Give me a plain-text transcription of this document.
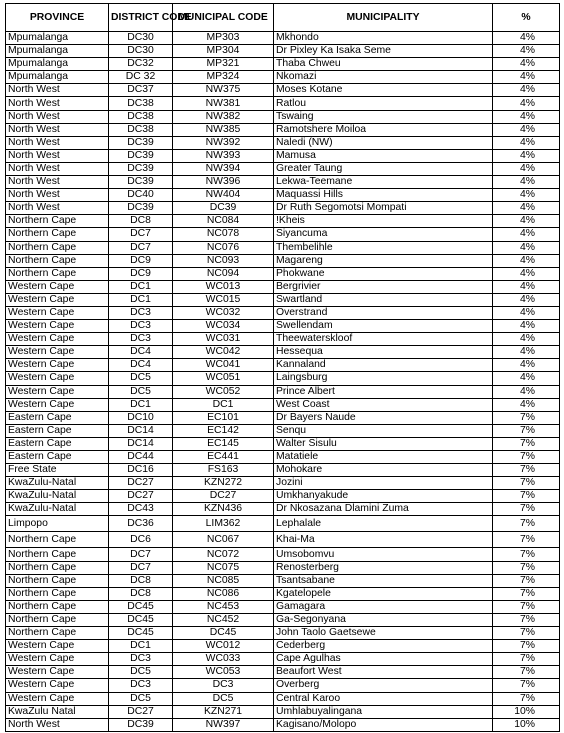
PROVINCE	DISTRICT CODE	MUNICIPAL CODE	MUNICIPALITY	%
Mpumalanga	DC30	MP303	Mkhondo	4%
Mpumalanga	DC30	MP304	Dr Pixley Ka Isaka Seme	4%
Mpumalanga	DC32	MP321	Thaba Chweu	4%
Mpumalanga	DC 32	MP324	Nkomazi	4%
North West	DC37	NW375	Moses Kotane	4%
North West	DC38	NW381	Ratlou	4%
North West	DC38	NW382	Tswaing	4%
North West	DC38	NW385	Ramotshere Moiloa	4%
North West	DC39	NW392	Naledi (NW)	4%
North West	DC39	NW393	Mamusa	4%
North West	DC39	NW394	Greater Taung	4%
North West	DC39	NW396	Lekwa-Teemane	4%
North West	DC40	NW404	Maquassi Hills	4%
North West	DC39	DC39	Dr Ruth Segomotsi Mompati	4%
Northern Cape	DC8	NC084	!Kheis	4%
Northern Cape	DC7	NC078	Siyancuma	4%
Northern Cape	DC7	NC076	Thembelihle	4%
Northern Cape	DC9	NC093	Magareng	4%
Northern Cape	DC9	NC094	Phokwane	4%
Western Cape	DC1	WC013	Bergrivier	4%
Western Cape	DC1	WC015	Swartland	4%
Western Cape	DC3	WC032	Overstrand	4%
Western Cape	DC3	WC034	Swellendam	4%
Western Cape	DC3	WC031	Theewaterskloof	4%
Western Cape	DC4	WC042	Hessequa	4%
Western Cape	DC4	WC041	Kannaland	4%
Western Cape	DC5	WC051	Laingsburg	4%
Western Cape	DC5	WC052	Prince Albert	4%
Western Cape	DC1	DC1	West Coast	4%
Eastern Cape	DC10	EC101	Dr Bayers Naude	7%
Eastern Cape	DC14	EC142	Senqu	7%
Eastern Cape	DC14	EC145	Walter Sisulu	7%
Eastern Cape	DC44	EC441	Matatiele	7%
Free State	DC16	FS163	Mohokare	7%
KwaZulu-Natal	DC27	KZN272	Jozini	7%
KwaZulu-Natal	DC27	DC27	Umkhanyakude	7%
KwaZulu-Natal	DC43	KZN436	Dr Nkosazana Dlamini Zuma	7%
Limpopo	DC36	LIM362	Lephalale	7%
Northern Cape	DC6	NC067	Khai-Ma	7%
Northern Cape	DC7	NC072	Umsobomvu	7%
Northern Cape	DC7	NC075	Renosterberg	7%
Northern Cape	DC8	NC085	Tsantsabane	7%
Northern Cape	DC8	NC086	Kgatelopele	7%
Northern Cape	DC45	NC453	Gamagara	7%
Northern Cape	DC45	NC452	Ga-Segonyana	7%
Northern Cape	DC45	DC45	John Taolo Gaetsewe	7%
Western Cape	DC1	WC012	Cederberg	7%
Western Cape	DC3	WC033	Cape Agulhas	7%
Western Cape	DC5	WC053	Beaufort West	7%
Western Cape	DC3	DC3	Overberg	7%
Western Cape	DC5	DC5	Central Karoo	7%
KwaZulu Natal	DC27	KZN271	Umhlabuyalingana	10%
North West	DC39	NW397	Kagisano/Molopo	10%
